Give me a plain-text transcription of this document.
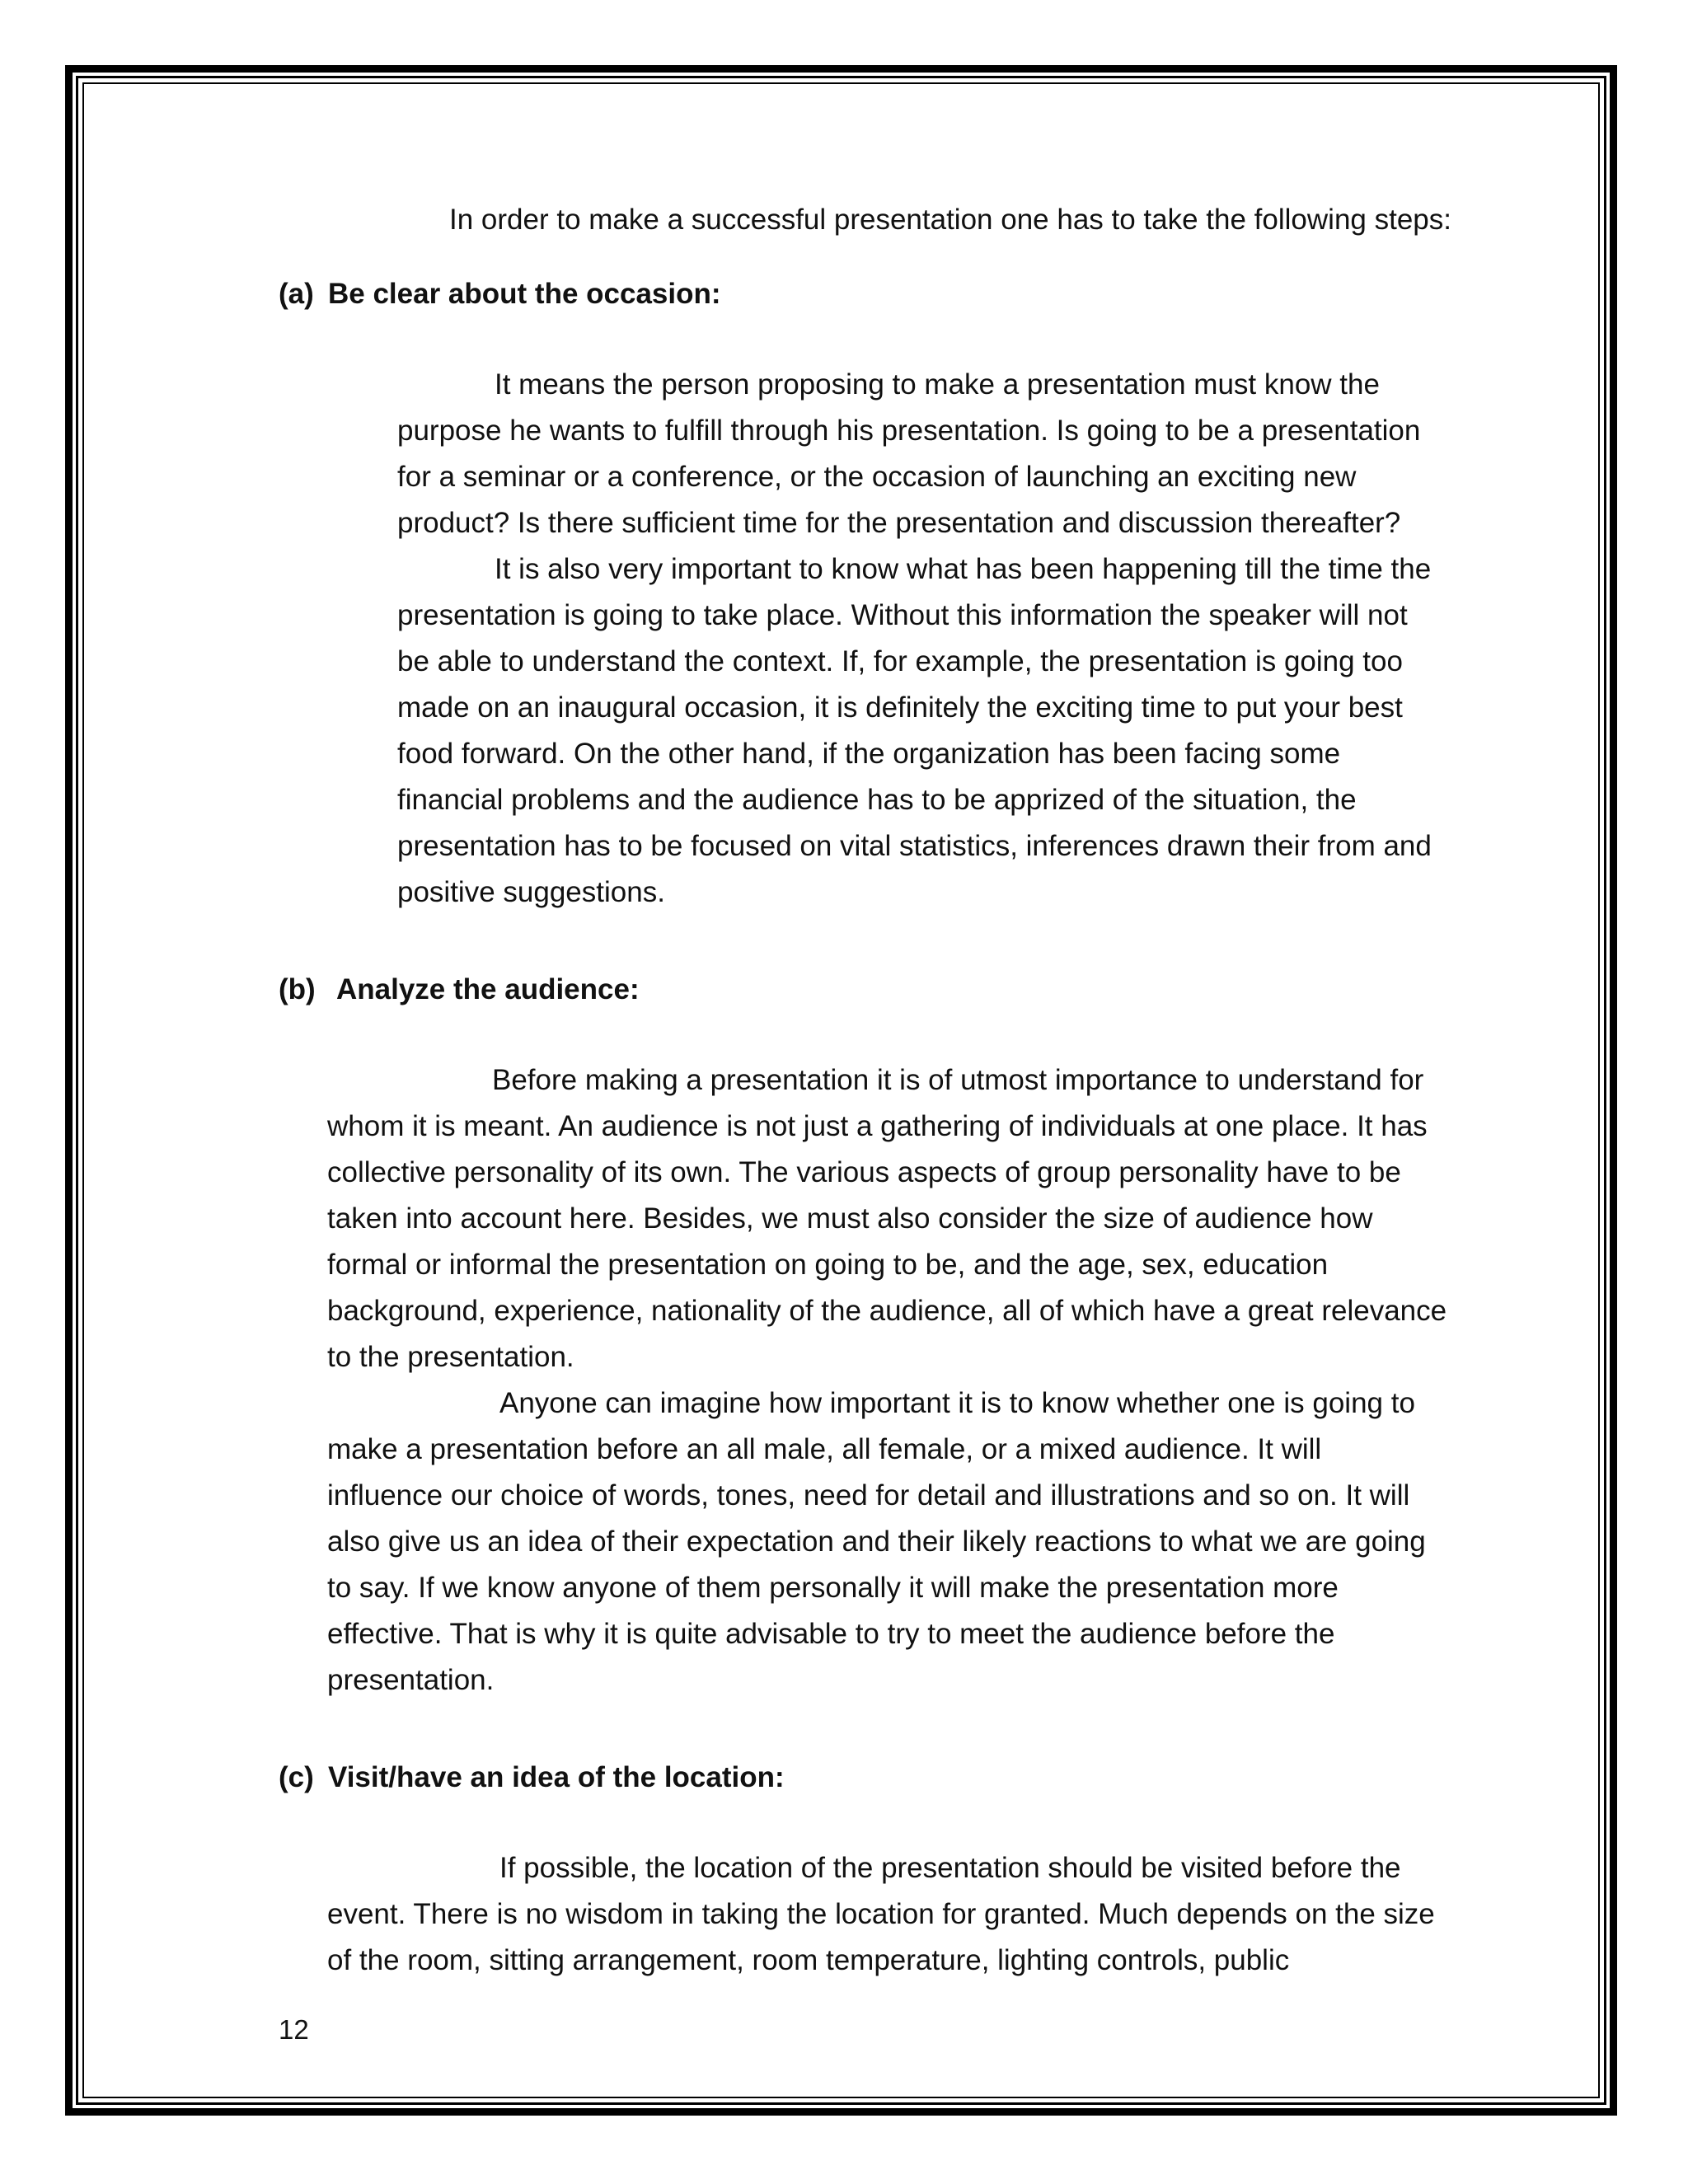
In order to make a successful presentation one has to take the following steps:

(a) Be clear about the occasion:

It means the person proposing to make a presentation must know the

purpose he wants to fulfill through his presentation. Is going to be a presentation

for a seminar or a conference, or the occasion of launching an exciting new

product? Is there sufficient time for the presentation and discussion thereafter?

It is also very important to know what has been happening till the time the

presentation is going to take place. Without this information the speaker will not

be able to understand the context. If, for example, the presentation is going too

made on an inaugural occasion, it is definitely the exciting time to put your best

food forward. On the other hand, if the organization has been facing some

financial problems and the audience has to be apprized of the situation, the

presentation has to be focused on vital statistics, inferences drawn their from and

positive suggestions.

(b) Analyze the audience:

Before making a presentation it is of utmost importance to understand for

whom it is meant. An audience is not just a gathering of individuals at one place. It has

collective personality of its own. The various aspects of group personality have to be

taken into account here. Besides, we must also consider the size of audience how

formal or informal the presentation on going to be, and the age, sex, education

background, experience, nationality of the audience, all of which have a great relevance

to the presentation.

Anyone can imagine how important it is to know whether one is going to

make a presentation before an all male, all female, or a mixed audience. It will

influence our choice of words, tones, need for detail and illustrations and so on. It will

also give us an idea of their expectation and their likely reactions to what we are going

to say. If we know anyone of them personally it will make the presentation more

effective. That is why it is quite advisable to try to meet the audience before the

presentation.

(c) Visit/have an idea of the location:

If possible, the location of the presentation should be visited before the

event. There is no wisdom in taking the location for granted. Much depends on the size

of the room, sitting arrangement, room temperature, lighting controls, public

12
